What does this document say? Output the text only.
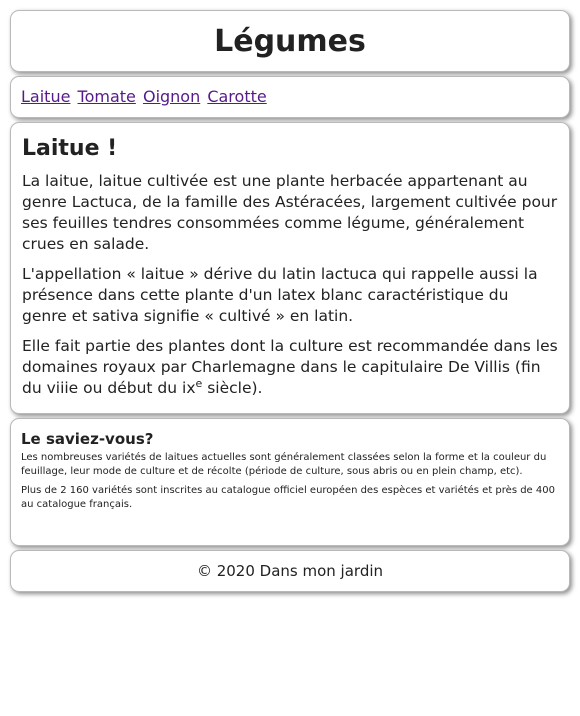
Légumes
Laitue Tomate Oignon Carotte
Laitue !

La laitue, laitue cultivée est une plante herbacée appartenant au genre Lactuca, de la famille des Astéracées, largement cultivée pour ses feuilles tendres consommées comme légume, généralement crues en salade.

L'appellation « laitue » dérive du latin lactuca qui rappelle aussi la présence dans cette plante d'un latex blanc caractéristique du genre et sativa signifie « cultivé » en latin.

Elle fait partie des plantes dont la culture est recommandée dans les domaines royaux par Charlemagne dans le capitulaire De Villis (fin du viiie ou début du $ix^e$ siècle).

Le saviez-vous?

Les nombreuses variétés de laitues actuelles sont généralement classées selon la forme et la couleur du feuillage, leur mode de culture et de récolte (période de culture, sous abris ou en plein champ, etc).

Plus de 2 160 variétés sont inscrites au catalogue officiel européen des espèces et variétés et près de 400 au catalogue français.

© 2020 Dans mon jardin
